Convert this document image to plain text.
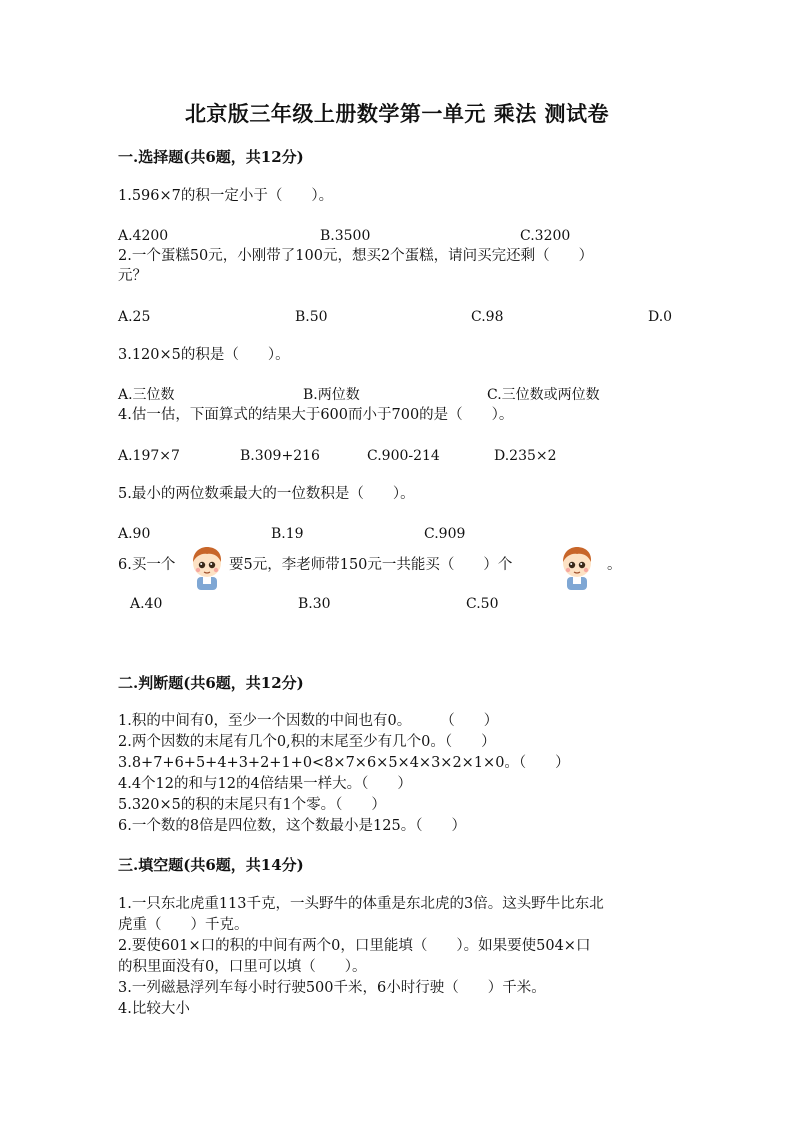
北京版三年级上册数学第一单元 乘法 测试卷
一.选择题(共6题，共12分)
1.596×7的积一定小于（　　）。
A.4200	B.3500	C.3200
2.一个蛋糕50元，小刚带了100元，想买2个蛋糕，请问买完还剩（　　）
元？
A.25	B.50	C.98	D.0
3.120×5的积是（　　）。
A.三位数	B.两位数	C.三位数或两位数
4.估一估，下面算式的结果大于600而小于700的是（　　）。
A.197×7	B.309+216	C.900-214	D.235×2
5.最小的两位数乘最大的一位数积是（　　）。
A.90	B.19	C.909
6.买一个	要5元，李老师带150元一共能买（　　）个	。
A.40	B.30	C.50
二.判断题(共6题，共12分)
1.积的中间有0，至少一个因数的中间也有0。　　　（　　）
2.两个因数的末尾有几个0,积的末尾至少有几个0。（　　）
3.8+7+6+5+4+3+2+1+0<8×7×6×5×4×3×2×1×0。（　　）
4.4个12的和与12的4倍结果一样大。（　　）
5.320×5的积的末尾只有1个零。（　　）
6.一个数的8倍是四位数，这个数最小是125。（　　）
三.填空题(共6题，共14分)
1.一只东北虎重113千克，一头野牛的体重是东北虎的3倍。这头野牛比东北
虎重（　　）千克。
2.要使601×口的积的中间有两个0，口里能填（　　）。如果要使504×口
的积里面没有0，口里可以填（　　）。
3.一列磁悬浮列车每小时行驶500千米，6小时行驶（　　）千米。
4.比较大小
